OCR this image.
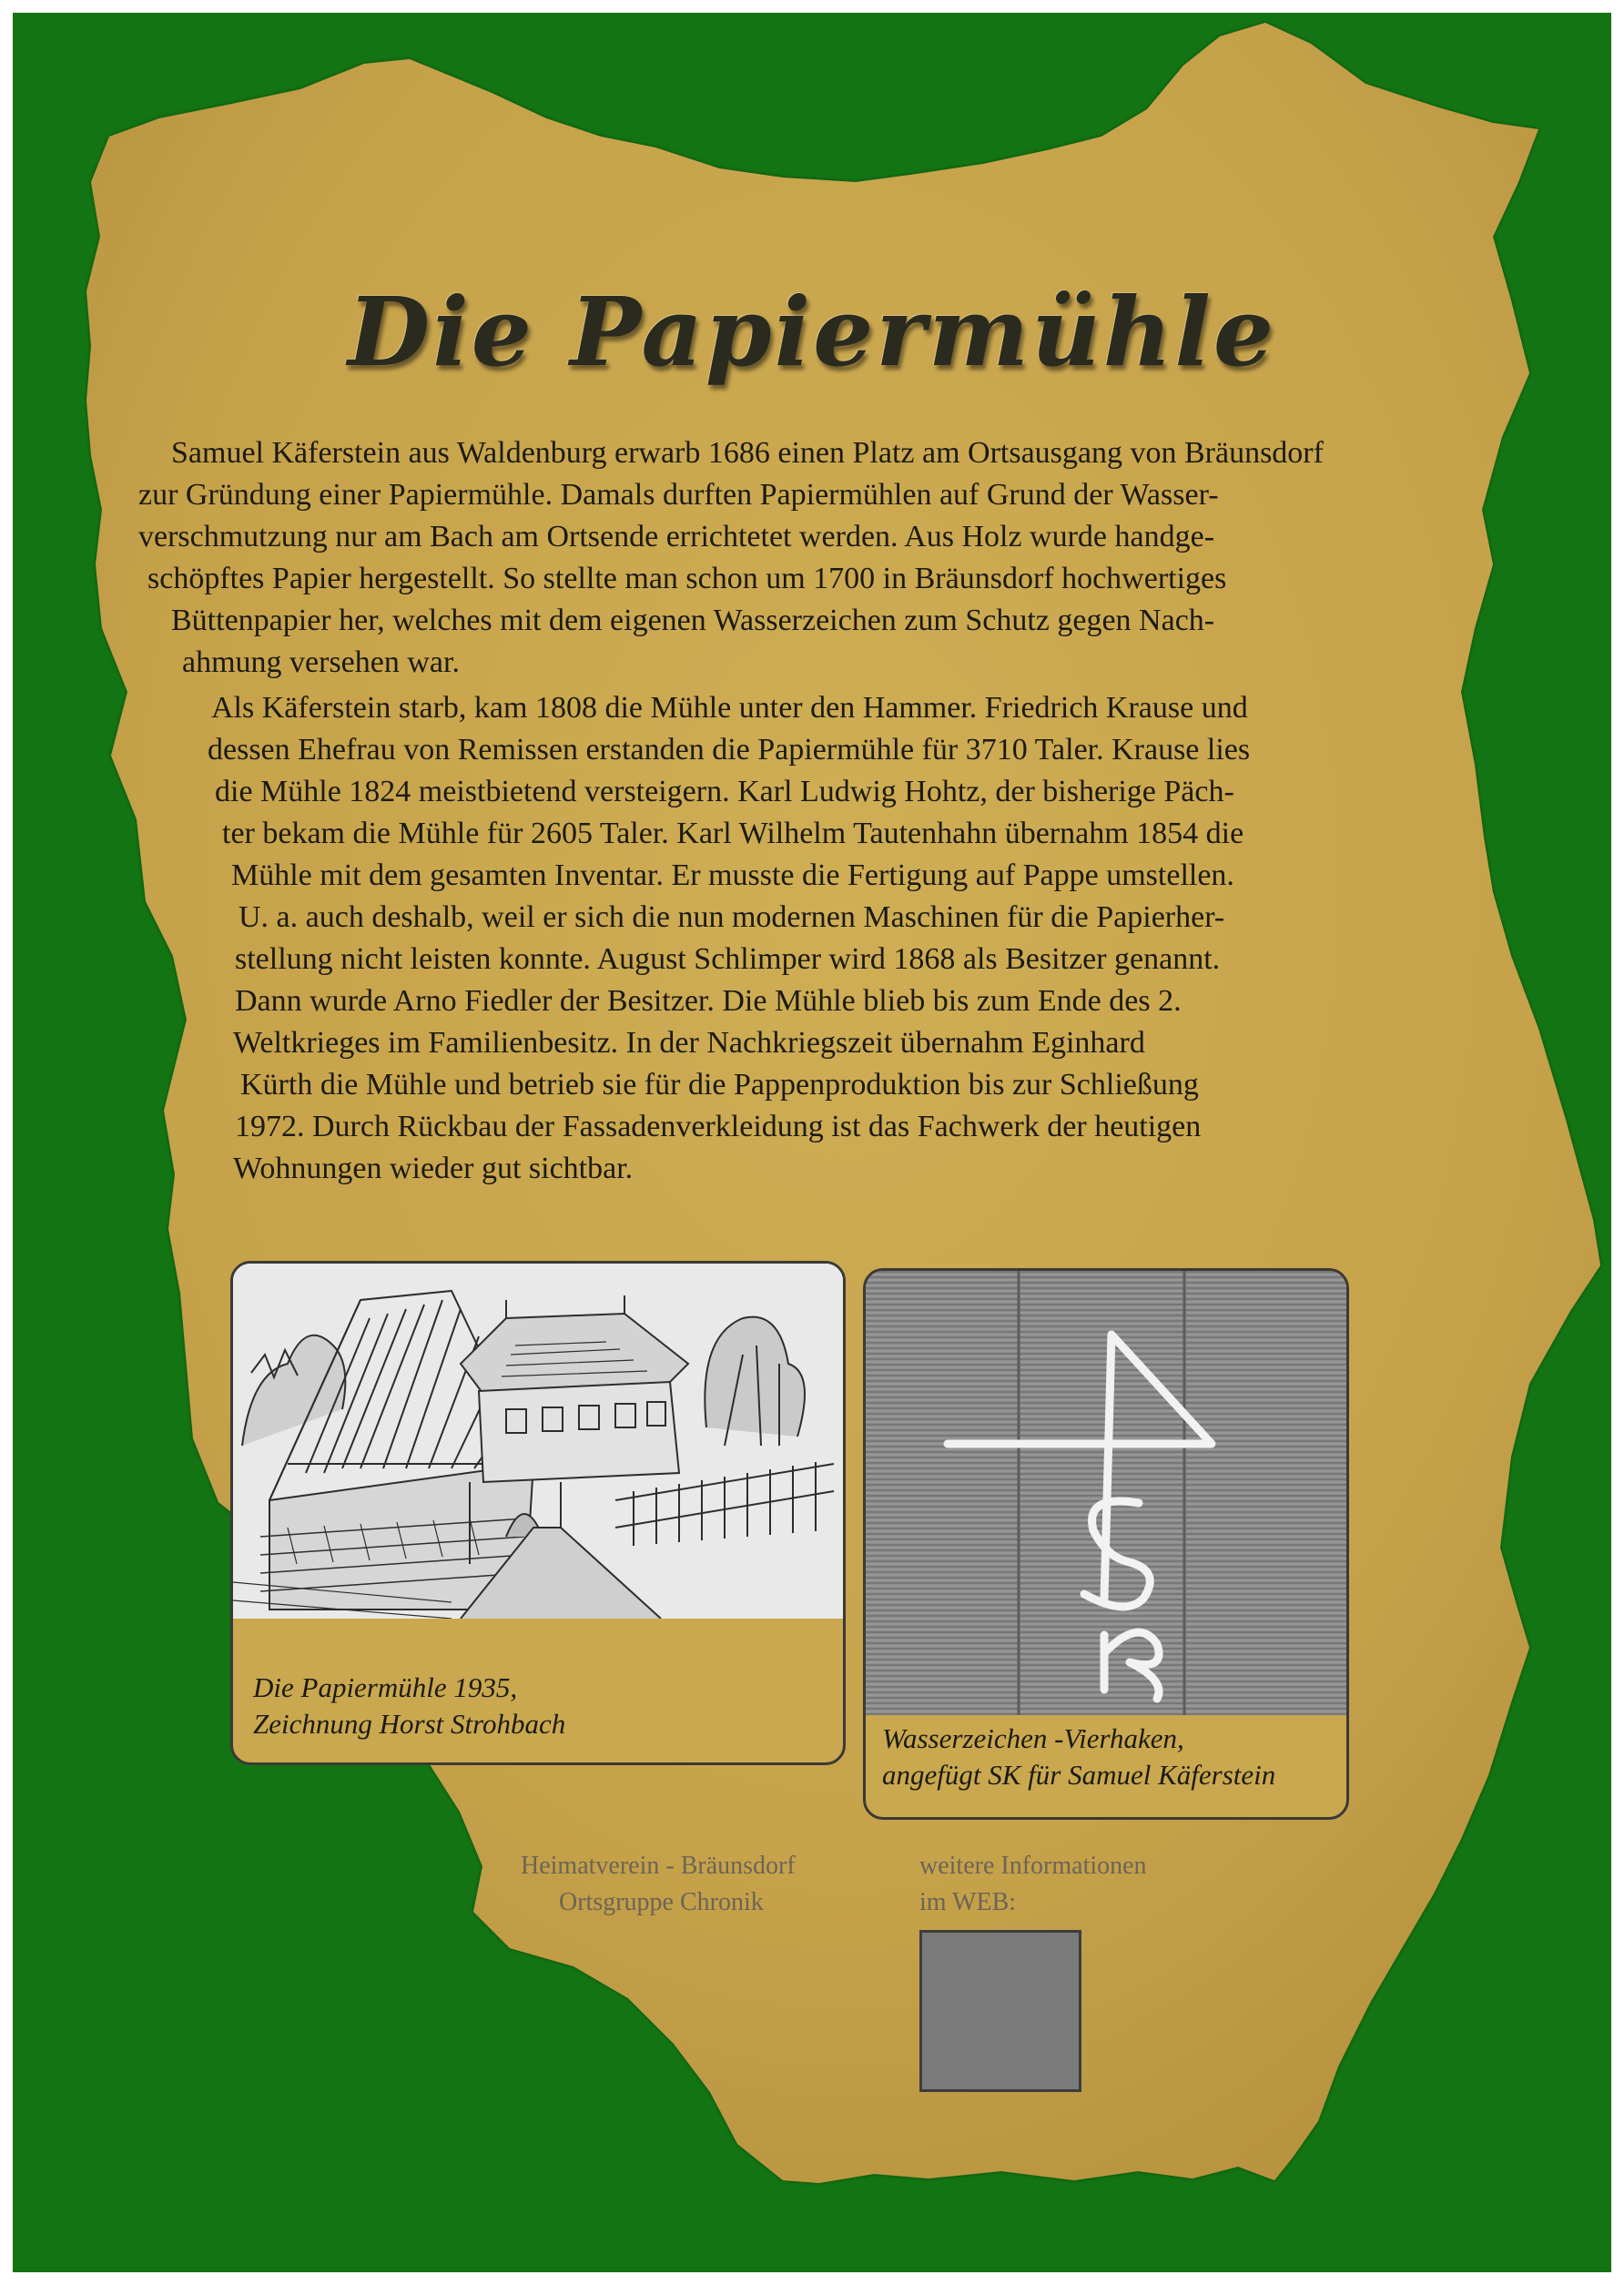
Die Papiermühle
Samuel Käferstein aus Waldenburg erwarb 1686 einen Platz am Ortsausgang von Bräunsdorf
zur Gründung einer Papiermühle. Damals durften Papiermühlen auf Grund der Wasser-
verschmutzung nur am Bach am Ortsende errichtetet werden. Aus Holz wurde handge-
schöpftes Papier hergestellt. So stellte man schon um 1700 in Bräunsdorf hochwertiges
Büttenpapier her, welches mit dem eigenen Wasserzeichen zum Schutz gegen Nach-
ahmung versehen war.
Als Käferstein starb, kam 1808 die Mühle unter den Hammer. Friedrich Krause und
dessen Ehefrau von Remissen erstanden die Papiermühle für 3710 Taler. Krause lies
die Mühle 1824 meistbietend versteigern. Karl Ludwig Hohtz, der bisherige Päch-
ter bekam die Mühle für 2605 Taler. Karl Wilhelm Tautenhahn übernahm 1854 die
Mühle mit dem gesamten Inventar. Er musste die Fertigung auf Pappe umstellen.
U. a. auch deshalb, weil er sich die nun modernen Maschinen für die Papierher-
stellung nicht leisten konnte. August Schlimper wird 1868 als Besitzer genannt.
Dann wurde Arno Fiedler der Besitzer. Die Mühle blieb bis zum Ende des 2.
Weltkrieges im Familienbesitz. In der Nachkriegszeit übernahm Eginhard
Kürth die Mühle und betrieb sie für die Pappenproduktion bis zur Schließung
1972. Durch Rückbau der Fassadenverkleidung ist das Fachwerk der heutigen
Wohnungen wieder gut sichtbar.
Die Papiermühle 1935,
Zeichnung Horst Strohbach	Wasserzeichen -Vierhaken,
angefügt SK für Samuel Käferstein
Heimatverein - Bräunsdorf
Ortsgruppe Chronik
weitere Informationen
im WEB:
